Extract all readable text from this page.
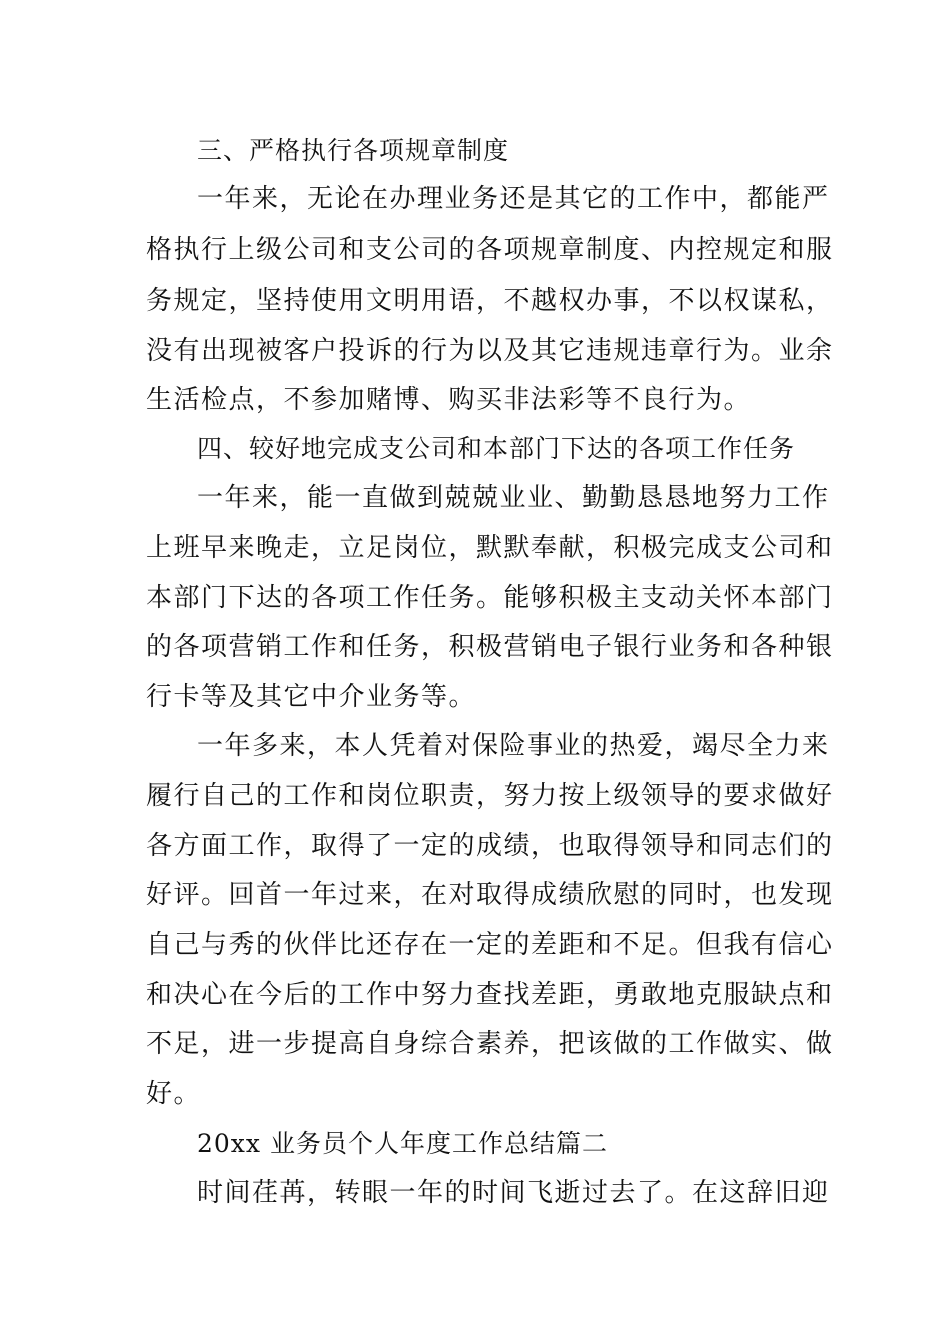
三、严格执行各项规章制度
一年来，无论在办理业务还是其它的工作中，都能严
格执行上级公司和支公司的各项规章制度、内控规定和服
务规定，坚持使用文明用语，不越权办事，不以权谋私，
没有出现被客户投诉的行为以及其它违规违章行为。业余
生活检点，不参加赌博、购买非法彩等不良行为。
四、较好地完成支公司和本部门下达的各项工作任务
一年来，能一直做到兢兢业业、勤勤恳恳地努力工作
上班早来晚走，立足岗位，默默奉献，积极完成支公司和
本部门下达的各项工作任务。能够积极主支动关怀本部门
的各项营销工作和任务，积极营销电子银行业务和各种银
行卡等及其它中介业务等。
一年多来，本人凭着对保险事业的热爱，竭尽全力来
履行自己的工作和岗位职责，努力按上级领导的要求做好
各方面工作，取得了一定的成绩，也取得领导和同志们的
好评。回首一年过来，在对取得成绩欣慰的同时，也发现
自己与秀的伙伴比还存在一定的差距和不足。但我有信心
和决心在今后的工作中努力查找差距，勇敢地克服缺点和
不足，进一步提高自身综合素养，把该做的工作做实、做
好。
20xx 业务员个人年度工作总结篇二
时间荏苒，转眼一年的时间飞逝过去了。在这辞旧迎
